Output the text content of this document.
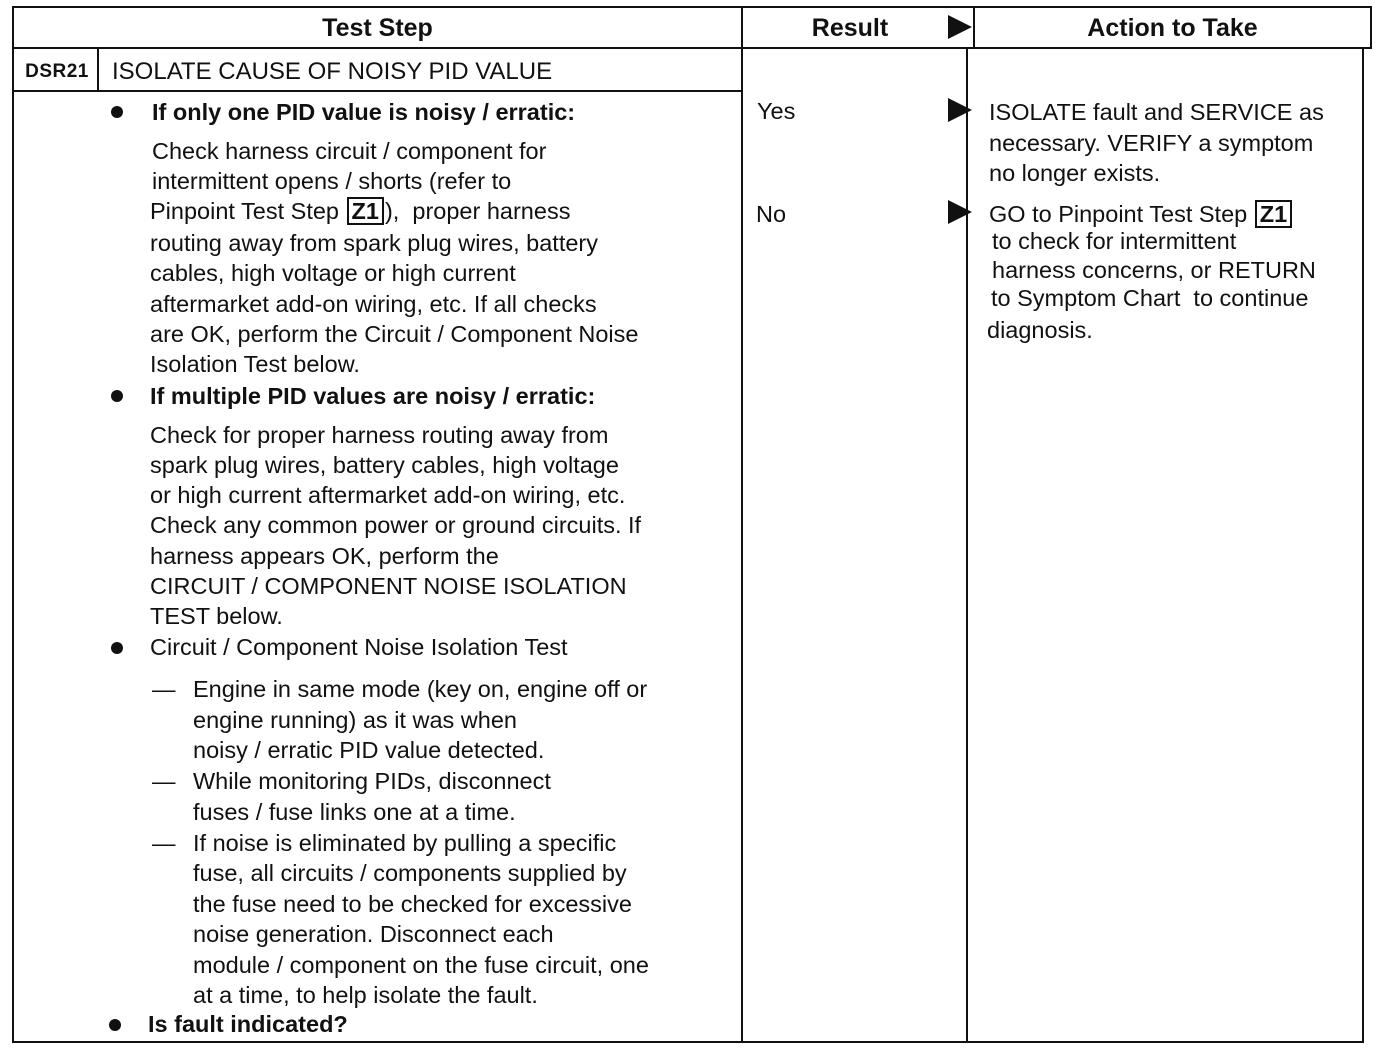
Test Step	Result	Action to Take
DSR21 ISOLATE CAUSE OF NOISY PID VALUE
If only one PID value is noisy / erratic:
Check harness circuit / component for
intermittent opens / shorts (refer to
Pinpoint Test Step Z1 ),  proper harness
routing away from spark plug wires, battery
cables, high voltage or high current
aftermarket add-on wiring, etc. If all checks
are OK, perform the Circuit / Component Noise
Isolation Test below.
If multiple PID values are noisy / erratic:
Check for proper harness routing away from
spark plug wires, battery cables, high voltage
or high current aftermarket add-on wiring, etc.
Check any common power or ground circuits. If
harness appears OK, perform the
CIRCUIT / COMPONENT NOISE ISOLATION
TEST below.
Circuit / Component Noise Isolation Test
— Engine in same mode (key on, engine off or
engine running) as it was when
noisy / erratic PID value detected.
— While monitoring PIDs, disconnect
fuses / fuse links one at a time.
— If noise is eliminated by pulling a specific
fuse, all circuits / components supplied by
the fuse need to be checked for excessive
noise generation. Disconnect each
module / component on the fuse circuit, one
at a time, to help isolate the fault.
Is fault indicated?
Yes
No
ISOLATE fault and SERVICE as
necessary. VERIFY a symptom
no longer exists.
GO to Pinpoint Test Step Z1
to check for intermittent
harness concerns, or RETURN
to Symptom Chart  to continue
diagnosis.
